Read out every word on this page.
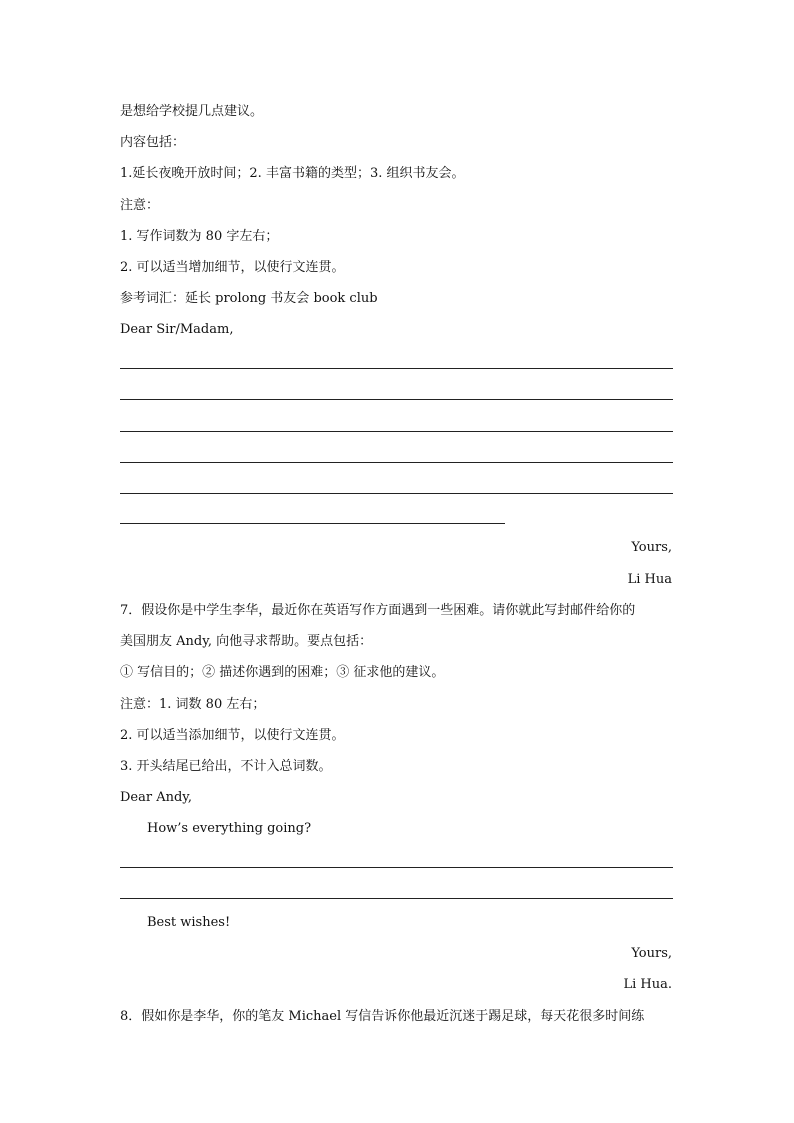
是想给学校提几点建议。
内容包括：
1.延长夜晚开放时间；2. 丰富书籍的类型；3. 组织书友会。
注意：
1. 写作词数为 80 字左右；
2. 可以适当增加细节，以使行文连贯。
参考词汇：延长 prolong 书友会 book club
Dear Sir/Madam,
Yours,
Li Hua
7．假设你是中学生李华，最近你在英语写作方面遇到一些困难。请你就此写封邮件给你的
美国朋友 Andy, 向他寻求帮助。要点包括：
① 写信目的；② 描述你遇到的困难；③ 征求他的建议。
注意：1. 词数 80 左右；
2. 可以适当添加细节，以使行文连贯。
3. 开头结尾已给出，不计入总词数。
Dear Andy,
How’s everything going?
Best wishes!
Yours,
Li Hua.
8．假如你是李华，你的笔友 Michael 写信告诉你他最近沉迷于踢足球，每天花很多时间练
